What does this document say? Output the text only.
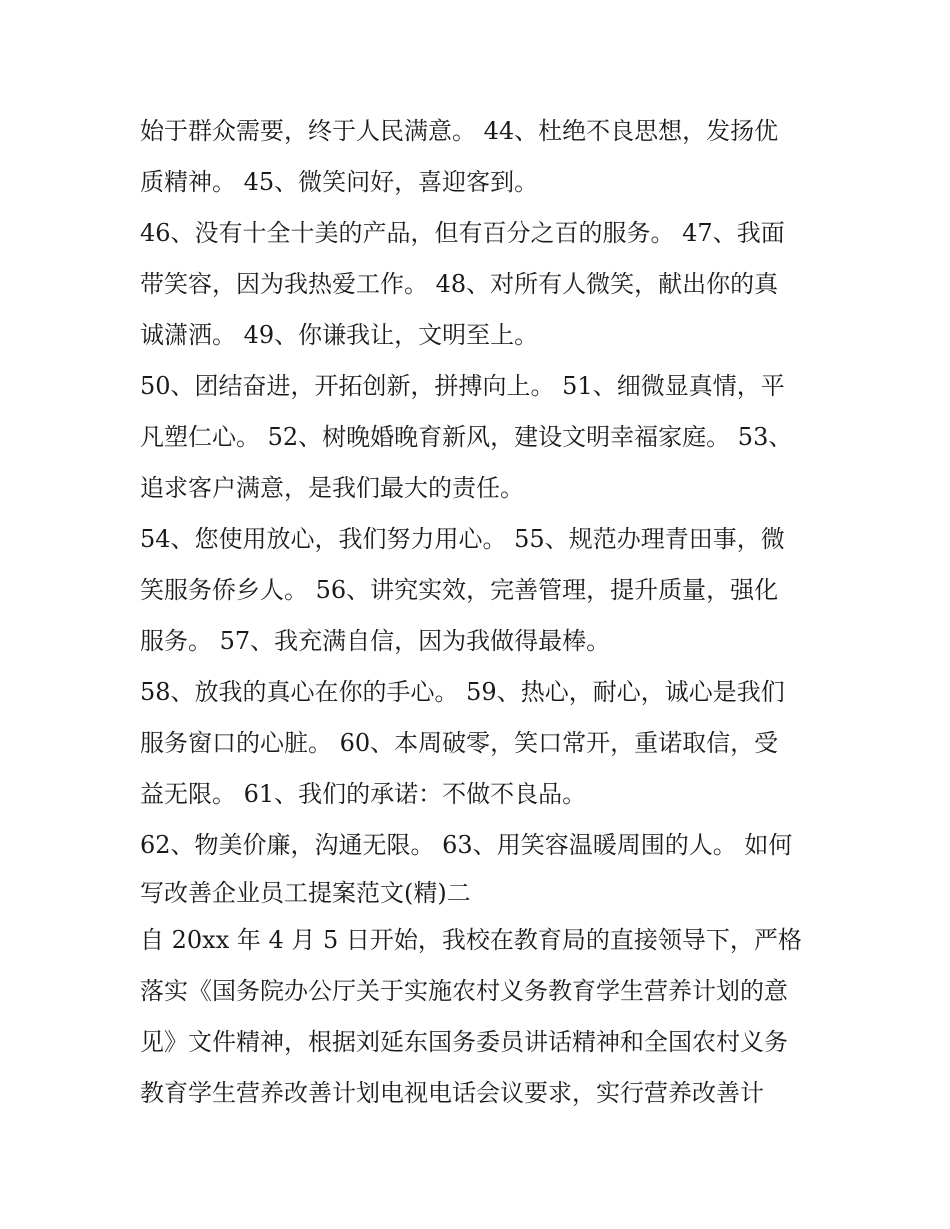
始于群众需要，终于人民满意。 44、杜绝不良思想，发扬优
质精神。 45、微笑问好，喜迎客到。
46、没有十全十美的产品，但有百分之百的服务。 47、我面
带笑容，因为我热爱工作。 48、对所有人微笑，献出你的真
诚潇洒。 49、你谦我让，文明至上。
50、团结奋进，开拓创新，拼搏向上。 51、细微显真情，平
凡塑仁心。 52、树晚婚晚育新风，建设文明幸福家庭。 53、
追求客户满意，是我们最大的责任。
54、您使用放心，我们努力用心。 55、规范办理青田事，微
笑服务侨乡人。 56、讲究实效，完善管理，提升质量，强化
服务。 57、我充满自信，因为我做得最棒。
58、放我的真心在你的手心。 59、热心，耐心，诚心是我们
服务窗口的心脏。 60、本周破零，笑口常开，重诺取信，受
益无限。 61、我们的承诺：不做不良品。
62、物美价廉，沟通无限。 63、用笑容温暖周围的人。 如何
写改善企业员工提案范文(精)二
自 20xx 年 4 月 5 日开始，我校在教育局的直接领导下，严格
落实《国务院办公厅关于实施农村义务教育学生营养计划的意
见》文件精神，根据刘延东国务委员讲话精神和全国农村义务
教育学生营养改善计划电视电话会议要求，实行营养改善计
